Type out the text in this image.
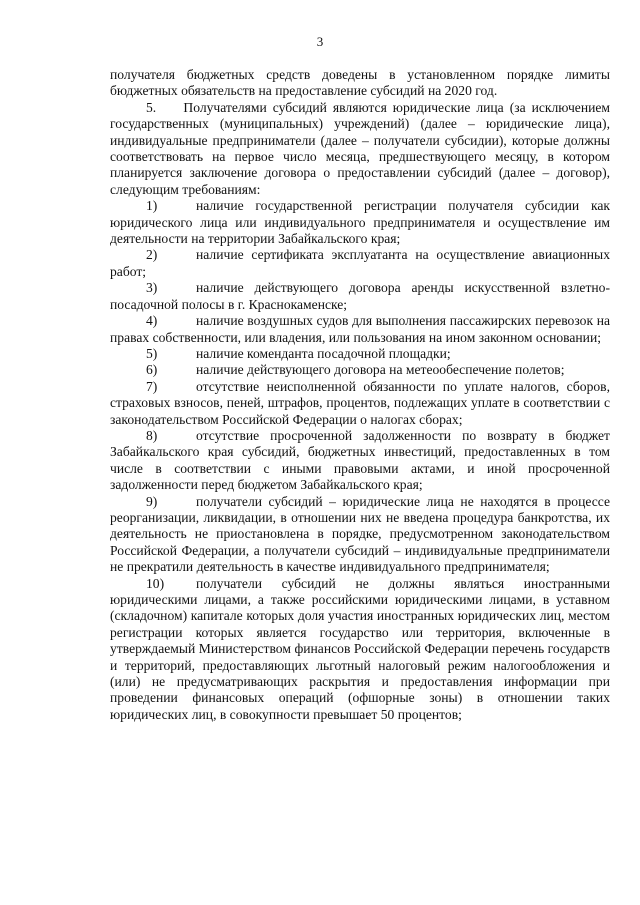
3

получателя бюджетных средств доведены в установленном порядке лимиты бюджетных обязательств на предоставление субсидий на 2020 год.

5.  Получателями субсидий являются юридические лица (за исключением государственных (муниципальных) учреждений) (далее – юридические лица), индивидуальные предприниматели (далее – получатели субсидии), которые должны соответствовать на первое число месяца, предшествующего месяцу, в котором планируется заключение договора о предоставлении субсидий (далее – договор), следующим требованиям:

1)	наличие государственной регистрации получателя субсидии как юридического лица или индивидуального предпринимателя и осуществление им деятельности на территории Забайкальского края;

2)	наличие сертификата эксплуатанта на осуществление авиационных работ;

3)	наличие действующего договора аренды искусственной взлетно-посадочной полосы в г. Краснокаменске;

4)	наличие воздушных судов для выполнения пассажирских перевозок на правах собственности, или владения, или пользования на ином законном основании;

5)	наличие коменданта посадочной площадки;

6)	наличие действующего договора на метеообеспечение полетов;

7)	отсутствие неисполненной обязанности по уплате налогов, сборов, страховых взносов, пеней, штрафов, процентов, подлежащих уплате в соответствии с законодательством Российской Федерации о налогах сборах;

8)	отсутствие просроченной задолженности по возврату в бюджет Забайкальского края субсидий, бюджетных инвестиций, предоставленных в том числе в соответствии с иными правовыми актами, и иной просроченной задолженности перед бюджетом Забайкальского края;

9)	получатели субсидий – юридические лица не находятся в процессе реорганизации, ликвидации, в отношении них не введена процедура банкротства, их деятельность не приостановлена в порядке, предусмотренном законодательством Российской Федерации, а получатели субсидий – индивидуальные предприниматели не прекратили деятельность в качестве индивидуального предпринимателя;

10) получатели субсидий не должны являться иностранными юридическими лицами, а также российскими юридическими лицами, в уставном (складочном) капитале которых доля участия иностранных юридических лиц, местом регистрации которых является государство или территория, включенные в утверждаемый Министерством финансов Российской Федерации перечень государств и территорий, предоставляющих льготный налоговый режим налогообложения и (или) не предусматривающих раскрытия и предоставления информации при проведении финансовых операций (офшорные зоны) в отношении таких юридических лиц, в совокупности превышает 50 процентов;
